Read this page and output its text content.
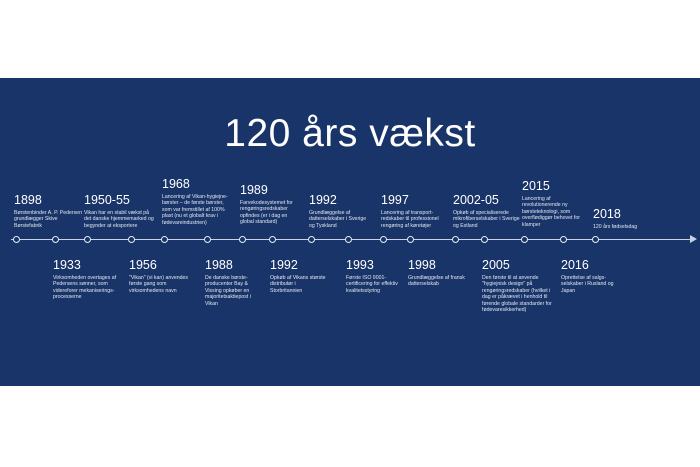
120 års vækst
1898
Børstenbinder A. P. Pedersen grundlægger Skive Børstefabrik
1950-55
Vikan har en stabil vækst på det danske hjemmemarked og begynder at eksportere
1968
Lancering af Vikan-hygiejne-børster – de første børster, som var fremstillet af 100% plast (nu et globalt krav i fødevareindustrien)
1989
Farvekodesystemet for rengøringsredskaber opfindes (er i dag en global standard)
1992
Grundlæggelse af datterselskaber i Sverige og Tyskland
1997
Lancering af transport-redskaber til professionel rengøring af køretøjer
2002-05
Opkøb af specialiserede mikrofiberselskaber i Sverige og Estland
2015
Lancering af revolutionerende ny børsteteknologi, som overflødiggør behovet for klamper
2018
120 års fødselsdag
1933
Virksomheden overtages af Pedersens sønner, som videreforer mekaniserings-processerne
1956
"Vikan" (vi kan) anvendes første gang som virksomhedens navn
1988
De danske børste-producenter Bay & Vissing opkøber en majoritetsaktiepost i Vikan
1992
Opkøb af Vikans største distributør i Storbritannien
1993
Første ISO 9001-certificering for effektiv kvalitetsstyring
1998
Grundlæggelse af fransk datterselskab
2005
Den første til at anvende "hygiejnisk design" på rengøringsredskaber (hvilket i dag er påkrævet i henhold til førende globale standarder for fødevaresikkerhed)
2016
Oprettelse af salgs-selskaber i Rusland og Japan
